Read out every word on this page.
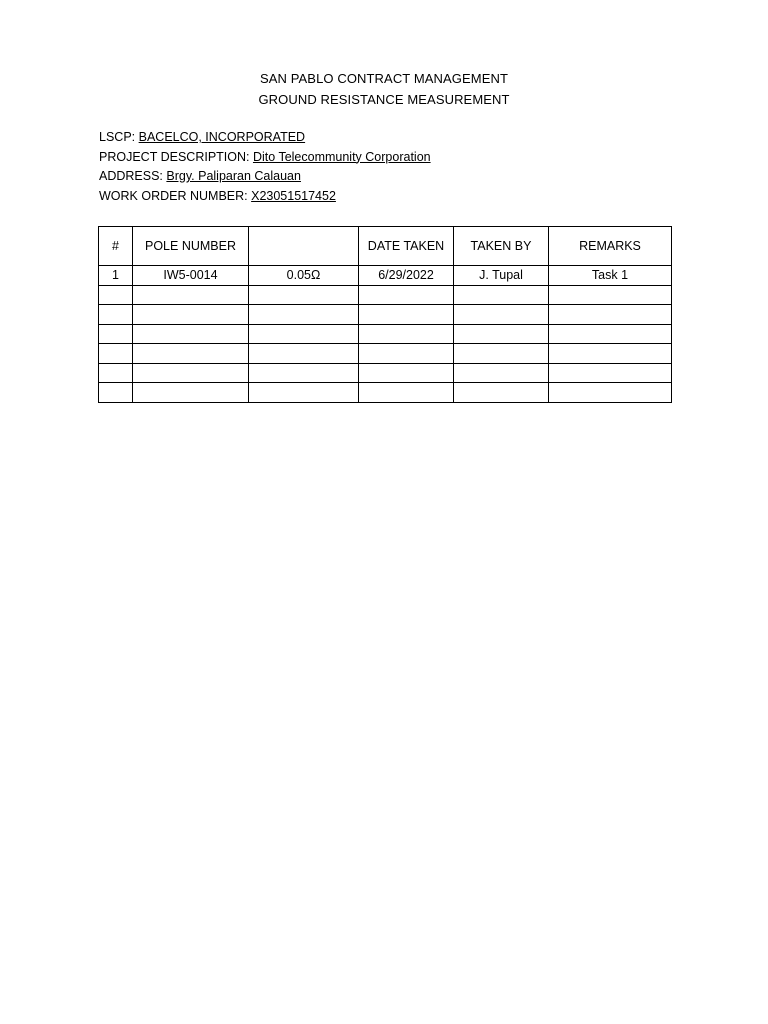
SAN PABLO CONTRACT MANAGEMENT
GROUND RESISTANCE MEASUREMENT
LSCP: BACELCO, INCORPORATED
PROJECT DESCRIPTION: Dito Telecommunity Corporation
ADDRESS: Brgy. Paliparan Calauan
WORK ORDER NUMBER: X23051517452
#	POLE NUMBER		DATE TAKEN	TAKEN BY	REMARKS
1	IW5-0014	0.05Ω	6/29/2022	J. Tupal	Task 1
